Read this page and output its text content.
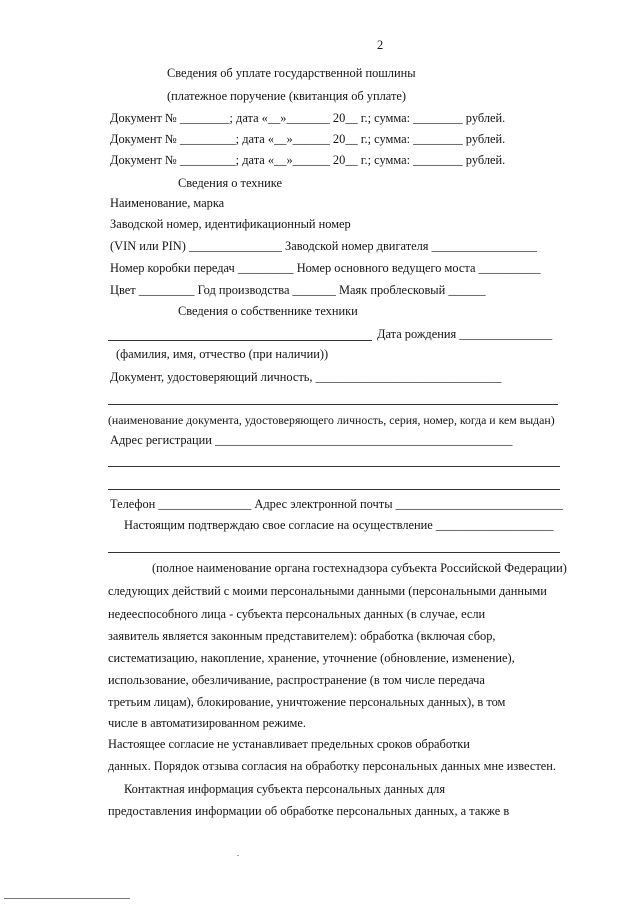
2
Сведения об уплате государственной пошлины
(платежное поручение (квитанция об уплате)
Документ № ________; дата «__»_______ 20__ г.; сумма: ________ рублей.
Документ № _________; дата «__»______ 20__ г.; сумма: ________ рублей.
Документ № _________; дата «__»______ 20__ г.; сумма: ________ рублей.
Сведения о технике
Наименование, марка
Заводской номер, идентификационный номер
(VIN или PIN) _______________ Заводской номер двигателя _________________
Номер коробки передач _________ Номер основного ведущего моста __________
Цвет _________ Год производства _______ Маяк проблесковый ______
Сведения о собственнике техники
Дата рождения _______________
(фамилия, имя, отчество (при наличии))
Документ, удостоверяющий личность, ______________________________
(наименование документа, удостоверяющего личность, серия, номер, когда и кем выдан)
Адрес регистрации ________________________________________________
Телефон _______________ Адрес электронной почты ___________________________
Настоящим подтверждаю свое согласие на осуществление ___________________
(полное наименование органа гостехнадзора субъекта Российской Федерации)
следующих действий с моими персональными данными (персональными данными
недееспособного лица - субъекта персональных данных (в случае, если
заявитель является законным представителем): обработка (включая сбор,
систематизацию, накопление, хранение, уточнение (обновление, изменение),
использование, обезличивание, распространение (в том числе передача
третьим лицам), блокирование, уничтожение персональных данных), в том
числе в автоматизированном режиме.
Настоящее согласие не устанавливает предельных сроков обработки
данных. Порядок отзыва согласия на обработку персональных данных мне известен.
Контактная информация субъекта персональных данных для
предоставления информации об обработке персональных данных, а также в
